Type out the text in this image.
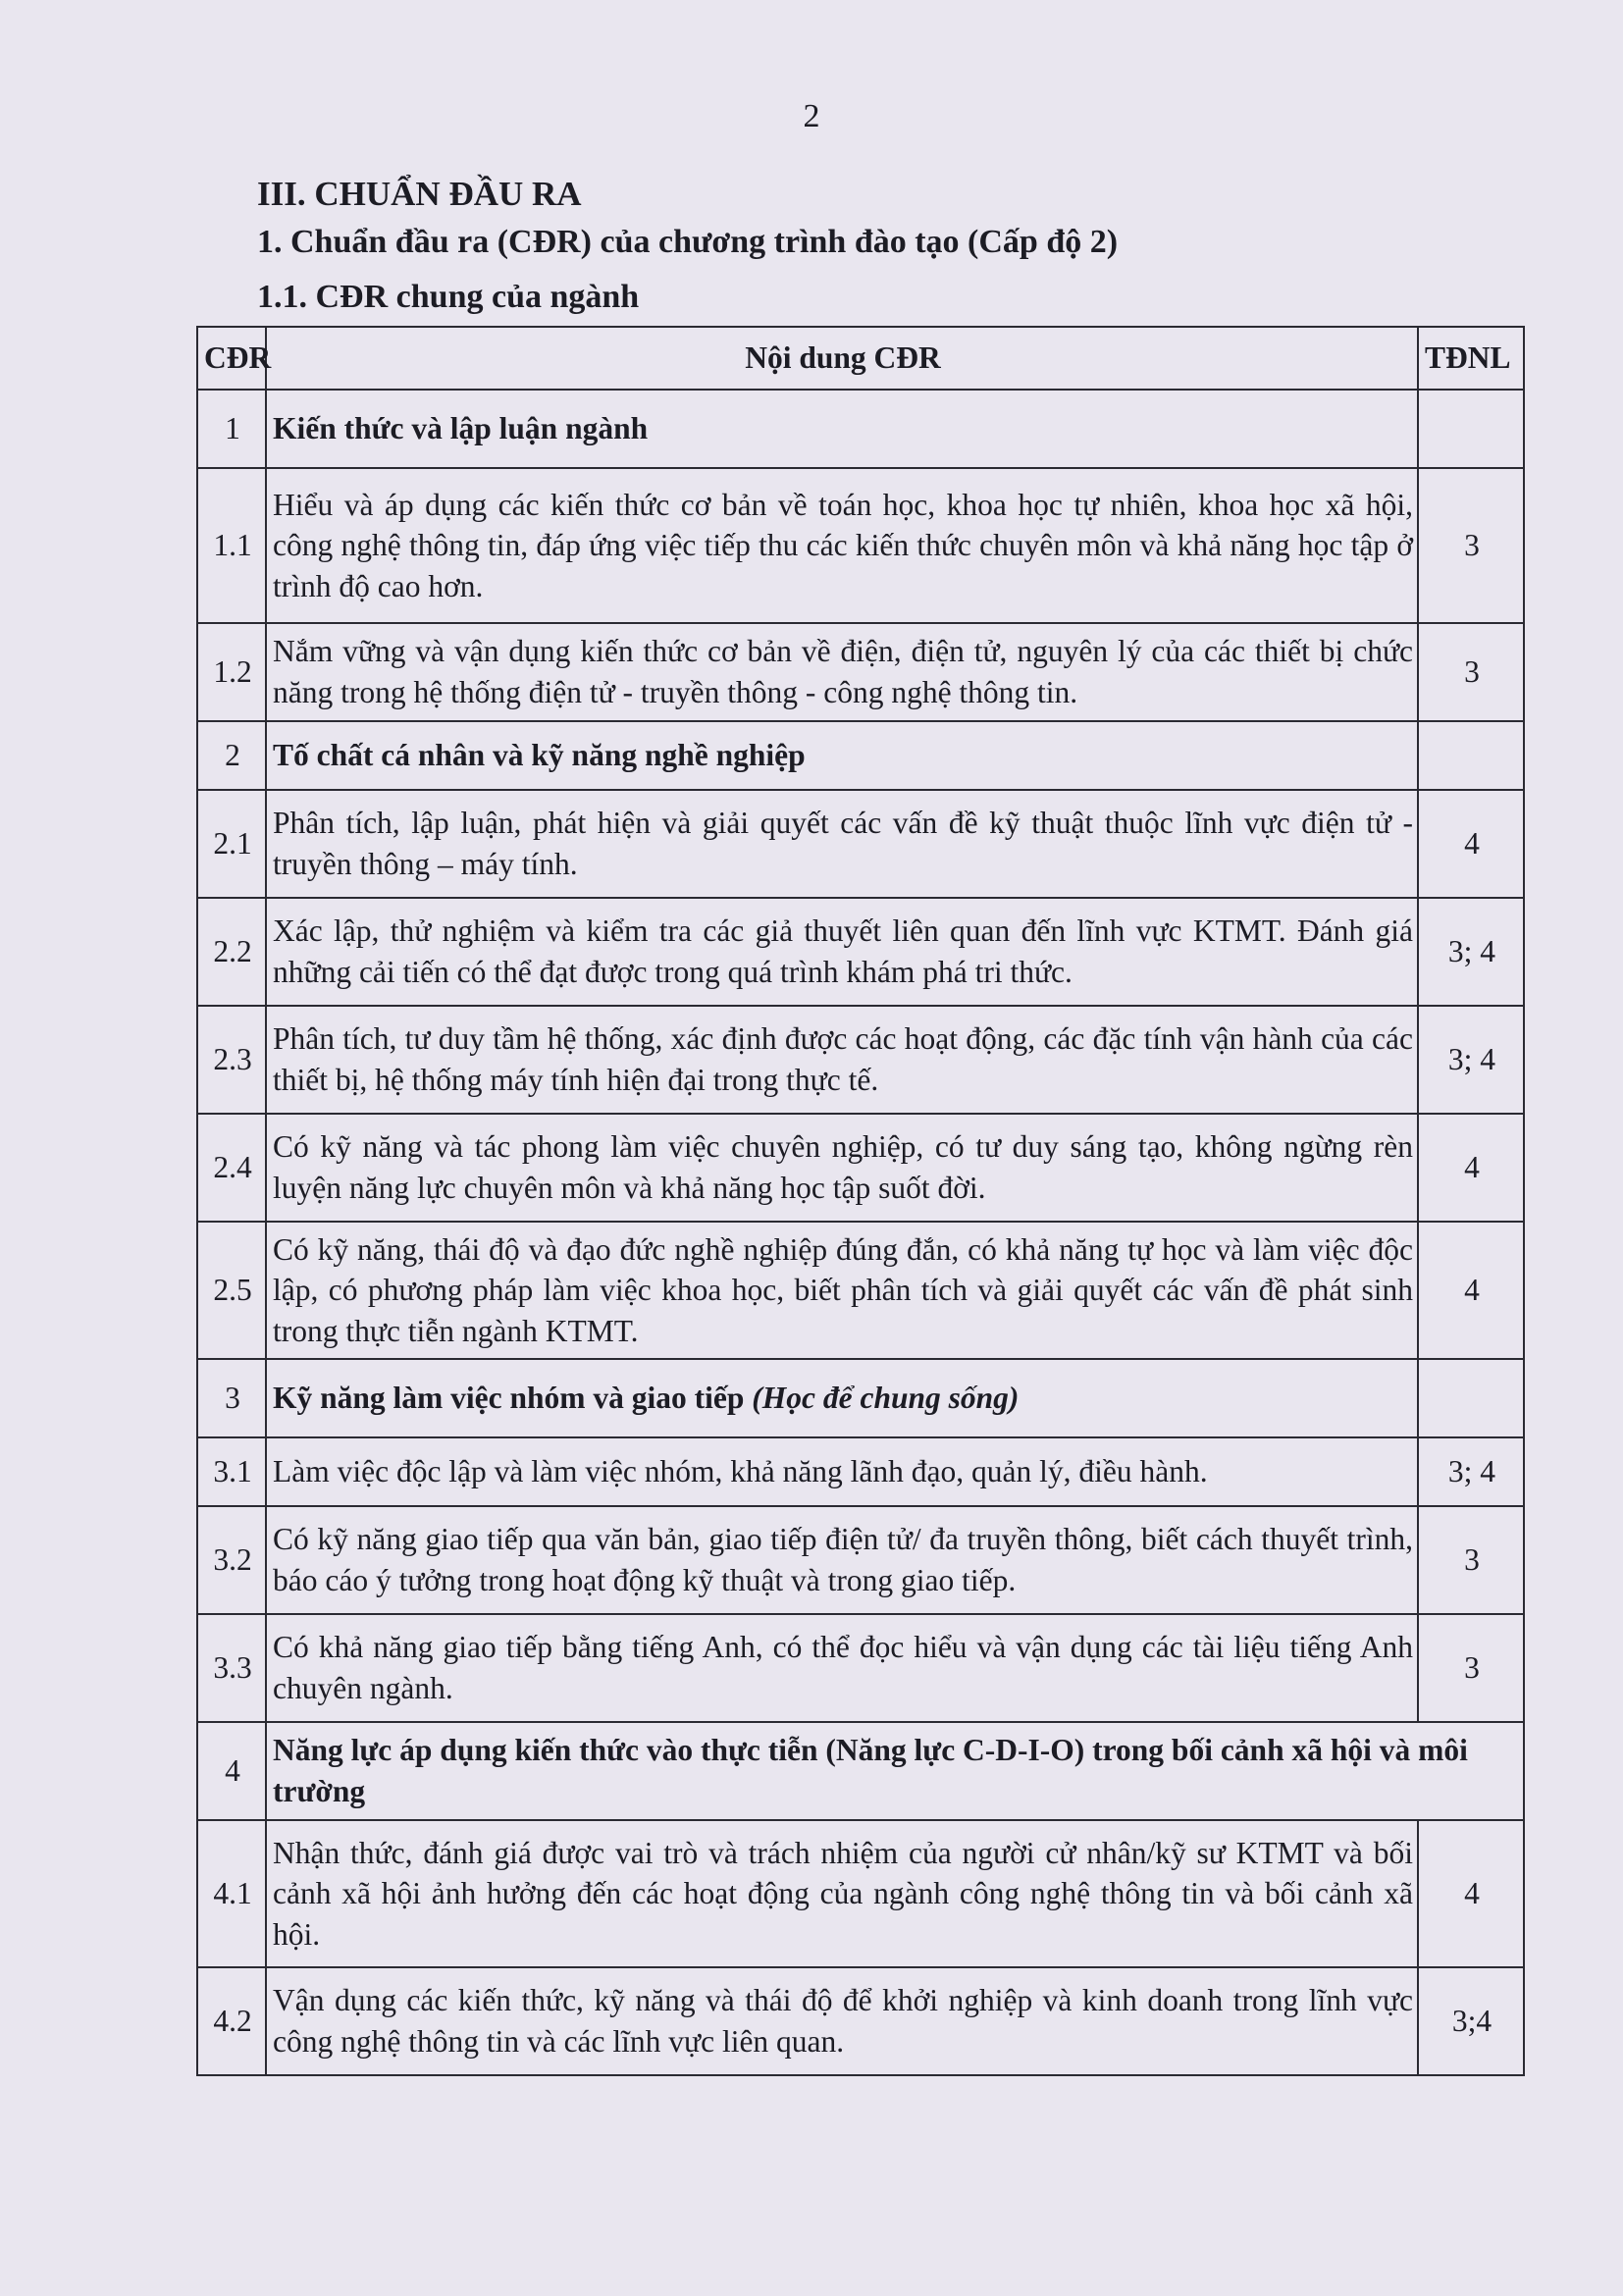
2
III. CHUẨN ĐẦU RA
1. Chuẩn đầu ra (CĐR) của chương trình đào tạo (Cấp độ 2)
1.1. CĐR chung của ngành
CĐR	Nội dung CĐR	TĐNL
1	Kiến thức và lập luận ngành	
1.1	Hiểu và áp dụng các kiến thức cơ bản về toán học, khoa học tự nhiên, khoa học xã hội, công nghệ thông tin, đáp ứng việc tiếp thu các kiến thức chuyên môn và khả năng học tập ở trình độ cao hơn.	3
1.2	Nắm vững và vận dụng kiến thức cơ bản về điện, điện tử, nguyên lý của các thiết bị chức năng trong hệ thống điện tử - truyền thông - công nghệ thông tin.	3
2	Tố chất cá nhân và kỹ năng nghề nghiệp	
2.1	Phân tích, lập luận, phát hiện và giải quyết các vấn đề kỹ thuật thuộc lĩnh vực điện tử - truyền thông – máy tính.	4
2.2	Xác lập, thử nghiệm và kiểm tra các giả thuyết liên quan đến lĩnh vực KTMT. Đánh giá những cải tiến có thể đạt được trong quá trình khám phá tri thức.	3; 4
2.3	Phân tích, tư duy tầm hệ thống, xác định được các hoạt động, các đặc tính vận hành của các thiết bị, hệ thống máy tính hiện đại trong thực tế.	3; 4
2.4	Có kỹ năng và tác phong làm việc chuyên nghiệp, có tư duy sáng tạo, không ngừng rèn luyện năng lực chuyên môn và khả năng học tập suốt đời.	4
2.5	Có kỹ năng, thái độ và đạo đức nghề nghiệp đúng đắn, có khả năng tự học và làm việc độc lập, có phương pháp làm việc khoa học, biết phân tích và giải quyết các vấn đề phát sinh trong thực tiễn ngành KTMT.	4
3	Kỹ năng làm việc nhóm và giao tiếp (Học để chung sống)	
3.1	Làm việc độc lập và làm việc nhóm, khả năng lãnh đạo, quản lý, điều hành.	3; 4
3.2	Có kỹ năng giao tiếp qua văn bản, giao tiếp điện tử/ đa truyền thông, biết cách thuyết trình, báo cáo ý tưởng trong hoạt động kỹ thuật và trong giao tiếp.	3
3.3	Có khả năng giao tiếp bằng tiếng Anh, có thể đọc hiểu và vận dụng các tài liệu tiếng Anh chuyên ngành.	3
4	Năng lực áp dụng kiến thức vào thực tiễn (Năng lực C-D-I-O) trong bối cảnh xã hội và môi trường	
4.1	Nhận thức, đánh giá được vai trò và trách nhiệm của người cử nhân/kỹ sư KTMT và bối cảnh xã hội ảnh hưởng đến các hoạt động của ngành công nghệ thông tin và bối cảnh xã hội.	4
4.2	Vận dụng các kiến thức, kỹ năng và thái độ để khởi nghiệp và kinh doanh trong lĩnh vực công nghệ thông tin và các lĩnh vực liên quan.	3;4
